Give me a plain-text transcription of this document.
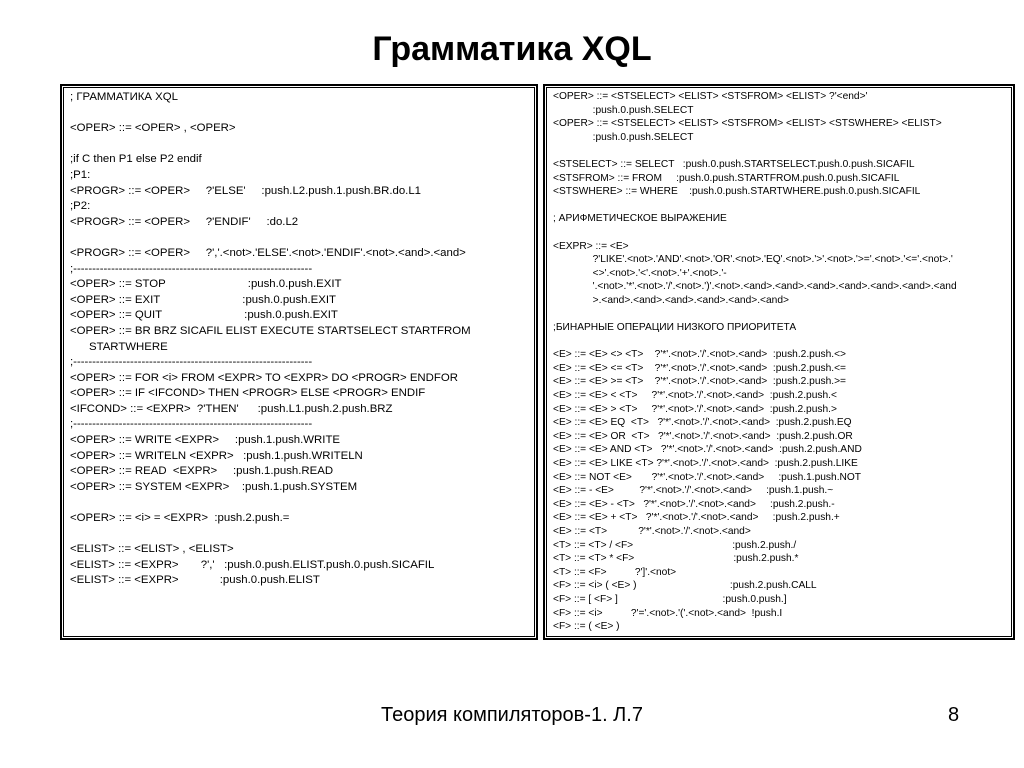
Грамматика XQL
; ГРАММАТИКА XQL
<OPER> ::= <OPER> , <OPER>
;if C then P1 else P2 endif
;P1:
<PROGR> ::= <OPER>     ?'ELSE'     :push.L2.push.1.push.BR.do.L1
;P2:
<PROGR> ::= <OPER>     ?'ENDIF'     :do.L2
<PROGR> ::= <OPER>     ?','.<not>.'ELSE'.<not>.'ENDIF'.<not>.<and>.<and>
;---------------------------------------------------------------
<OPER> ::= STOP                          :push.0.push.EXIT
<OPER> ::= EXIT                          :push.0.push.EXIT
<OPER> ::= QUIT                          :push.0.push.EXIT
<OPER> ::= BR BRZ SICAFIL ELIST EXECUTE STARTSELECT STARTFROM
STARTWHERE
;---------------------------------------------------------------
<OPER> ::= FOR <i> FROM <EXPR> TO <EXPR> DO <PROGR> ENDFOR
<OPER> ::= IF <IFCOND> THEN <PROGR> ELSE <PROGR> ENDIF
<IFCOND> ::= <EXPR>  ?'THEN'      :push.L1.push.2.push.BRZ
;---------------------------------------------------------------
<OPER> ::= WRITE <EXPR>     :push.1.push.WRITE
<OPER> ::= WRITELN <EXPR>   :push.1.push.WRITELN
<OPER> ::= READ  <EXPR>     :push.1.push.READ
<OPER> ::= SYSTEM <EXPR>    :push.1.push.SYSTEM
<OPER> ::= <i> = <EXPR>  :push.2.push.=
<ELIST> ::= <ELIST> , <ELIST>
<ELIST> ::= <EXPR>       ?','   :push.0.push.ELIST.push.0.push.SICAFIL
<ELIST> ::= <EXPR>             :push.0.push.ELIST
<OPER> ::= <STSELECT> <ELIST> <STSFROM> <ELIST> ?'<end>'
:push.0.push.SELECT
<OPER> ::= <STSELECT> <ELIST> <STSFROM> <ELIST> <STSWHERE> <ELIST>
:push.0.push.SELECT
<STSELECT> ::= SELECT   :push.0.push.STARTSELECT.push.0.push.SICAFIL
<STSFROM> ::= FROM     :push.0.push.STARTFROM.push.0.push.SICAFIL
<STSWHERE> ::= WHERE    :push.0.push.STARTWHERE.push.0.push.SICAFIL
; АРИФМЕТИЧЕСКОЕ ВЫРАЖЕНИЕ
<EXPR> ::= <E>
?'LIKE'.<not>.'AND'.<not>.'OR'.<not>.'EQ'.<not>.'>'.<not>.'>='.<not>.'<='.<not>.'
<>'.<not>.'<'.<not>.'+'.<not>.'-
'.<not>.'*'.<not>.'/'.<not>.')'.<not>.<and>.<and>.<and>.<and>.<and>.<and>.<and
>.<and>.<and>.<and>.<and>.<and>.<and>
;БИНАРНЫЕ ОПЕРАЦИИ НИЗКОГО ПРИОРИТЕТА
<E> ::= <E> <> <T>    ?'*'.<not>.'/'.<not>.<and>  :push.2.push.<>
<E> ::= <E> <= <T>    ?'*'.<not>.'/'.<not>.<and>  :push.2.push.<=
<E> ::= <E> >= <T>    ?'*'.<not>.'/'.<not>.<and>  :push.2.push.>=
<E> ::= <E> < <T>     ?'*'.<not>.'/'.<not>.<and>  :push.2.push.<
<E> ::= <E> > <T>     ?'*'.<not>.'/'.<not>.<and>  :push.2.push.>
<E> ::= <E> EQ  <T>   ?'*'.<not>.'/'.<not>.<and>  :push.2.push.EQ
<E> ::= <E> OR  <T>   ?'*'.<not>.'/'.<not>.<and>  :push.2.push.OR
<E> ::= <E> AND <T>   ?'*'.<not>.'/'.<not>.<and>  :push.2.push.AND
<E> ::= <E> LIKE <T> ?'*'.<not>.'/'.<not>.<and>  :push.2.push.LIKE
<E> ::= NOT <E>       ?'*'.<not>.'/'.<not>.<and>     :push.1.push.NOT
<E> ::= - <E>         ?'*'.<not>.'/'.<not>.<and>     :push.1.push.~
<E> ::= <E> - <T>   ?'*'.<not>.'/'.<not>.<and>     :push.2.push.-
<E> ::= <E> + <T>   ?'*'.<not>.'/'.<not>.<and>     :push.2.push.+
<E> ::= <T>           ?'*'.<not>.'/'.<not>.<and>
<T> ::= <T> / <F>                                   :push.2.push./
<T> ::= <T> * <F>                                   :push.2.push.*
<T> ::= <F>          ?']'.<not>
<F> ::= <i> ( <E> )                                 :push.2.push.CALL
<F> ::= [ <F> ]                                     :push.0.push.]
<F> ::= <i>          ?'='.<not>.'('.<not>.<and>  !push.I
<F> ::= ( <E> )
Теория компиляторов-1. Л.7	8
